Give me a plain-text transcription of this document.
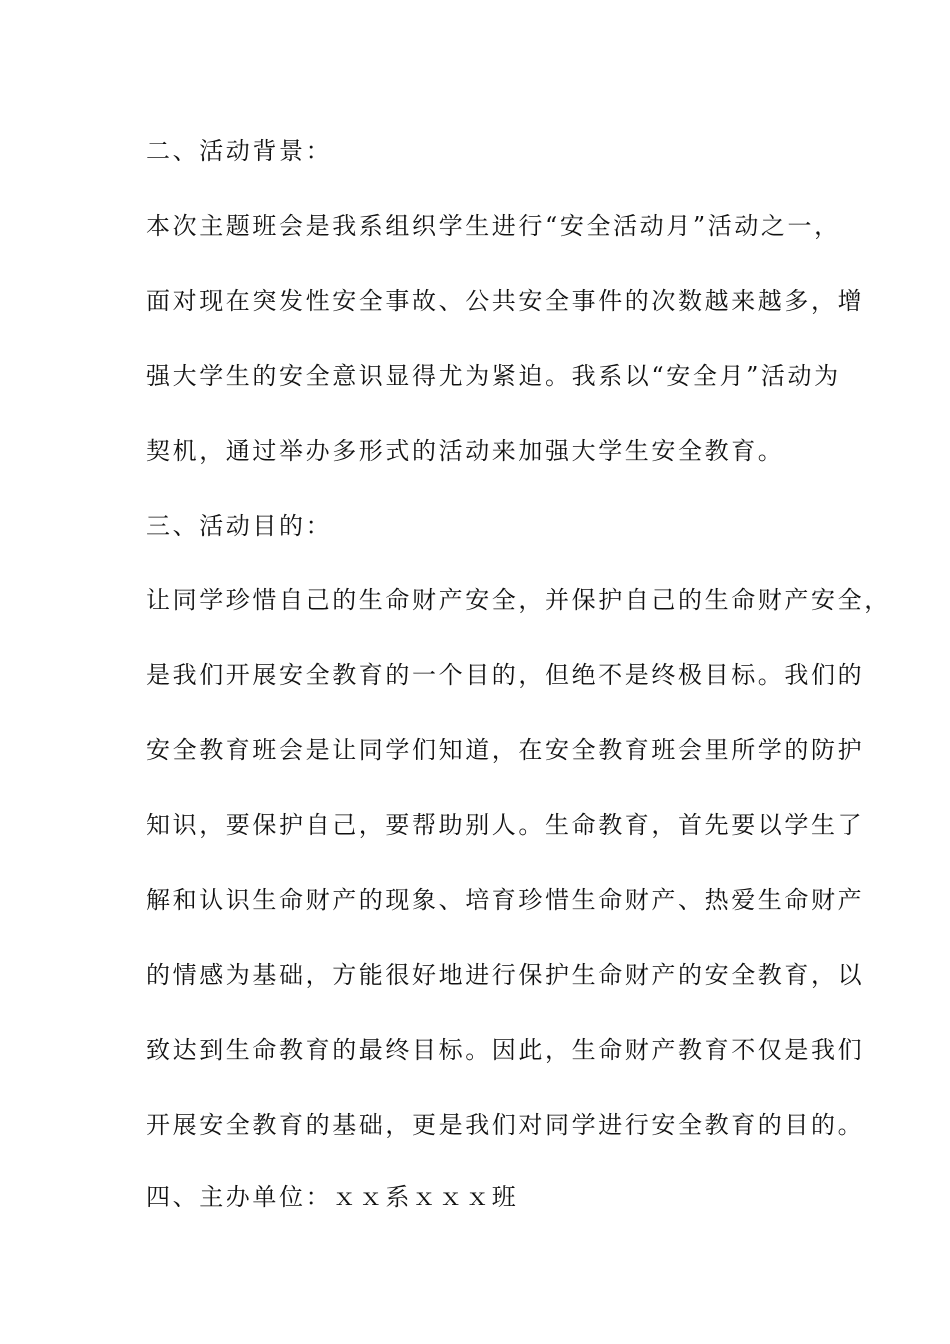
二、活动背景：
本次主题班会是我系组织学生进行“安全活动月”活动之一，
面对现在突发性安全事故、公共安全事件的次数越来越多，增
强大学生的安全意识显得尤为紧迫。我系以“安全月”活动为
契机，通过举办多形式的活动来加强大学生安全教育。
三、活动目的：
让同学珍惜自己的生命财产安全，并保护自己的生命财产安全，
是我们开展安全教育的一个目的，但绝不是终极目标。我们的
安全教育班会是让同学们知道，在安全教育班会里所学的防护
知识，要保护自己，要帮助别人。生命教育，首先要以学生了
解和认识生命财产的现象、培育珍惜生命财产、热爱生命财产
的情感为基础，方能很好地进行保护生命财产的安全教育，以
致达到生命教育的最终目标。因此，生命财产教育不仅是我们
开展安全教育的基础，更是我们对同学进行安全教育的目的。
四、主办单位：ｘｘ系ｘｘｘ班
